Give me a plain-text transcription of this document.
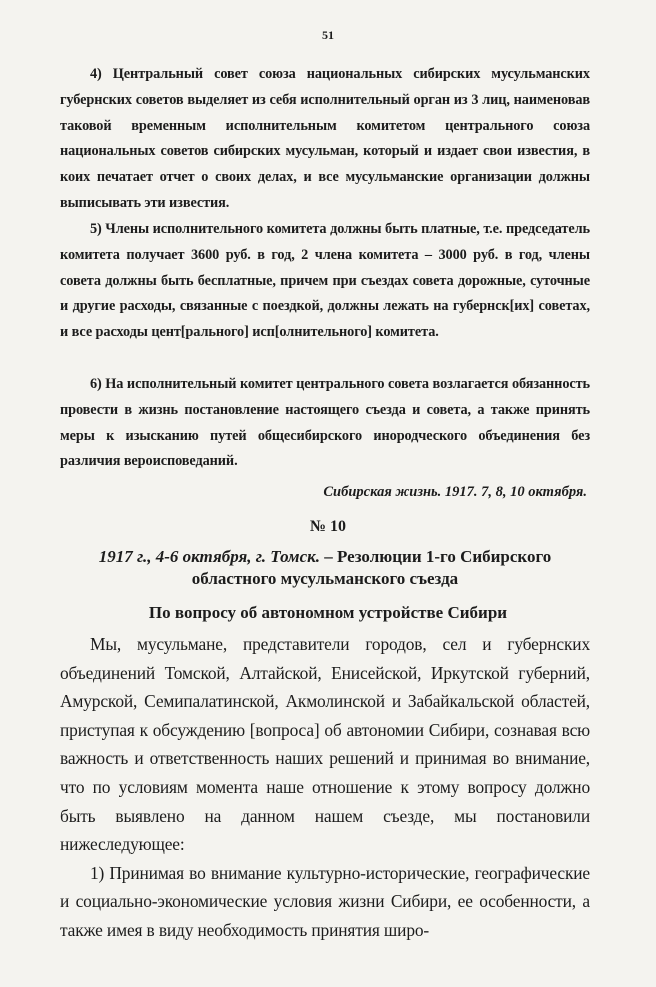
51

4) Центральный совет союза национальных сибирских мусульманских губернских советов выделяет из себя исполнительный орган из 3 лиц, наименовав таковой временным исполнительным комитетом центрального союза национальных советов сибирских мусульман, который и издает свои известия, в коих печатает отчет о своих делах, и все мусульманские организации должны выписывать эти известия.

5) Члены исполнительного комитета должны быть платные, т.е. председатель комитета получает 3600 руб. в год, 2 члена комитета – 3000 руб. в год, члены совета должны быть бесплатные, причем при съездах совета дорожные, суточные и другие расходы, связанные с поездкой, должны лежать на губернск[их] советах, и все расходы цент[рального] исп[олнительного] комитета.

6) На исполнительный комитет центрального совета возлагается обязанность провести в жизнь постановление настоящего съезда и совета, а также принять меры к изысканию путей общесибирского инородческого объединения без различия вероисповеданий.

Сибирская жизнь. 1917. 7, 8, 10 октября.
№ 10
1917 г., 4-6 октября, г. Томск. – Резолюции 1-го Сибирского областного мусульманского съезда
По вопросу об автономном устройстве Сибири

Мы, мусульмане, представители городов, сел и губернских объединений Томской, Алтайской, Енисейской, Иркутской губерний, Амурской, Семипалатинской, Акмолинской и Забайкальской областей, приступая к обсуждению [вопроса] об автономии Сибири, сознавая всю важность и ответственность наших решений и принимая во внимание, что по условиям момента наше отношение к этому вопросу должно быть выявлено на данном нашем съезде, мы постановили нижеследующее:

1) Принимая во внимание культурно-исторические, географические и социально-экономические условия жизни Сибири, ее особенности, а также имея в виду необходимость принятия широ-
